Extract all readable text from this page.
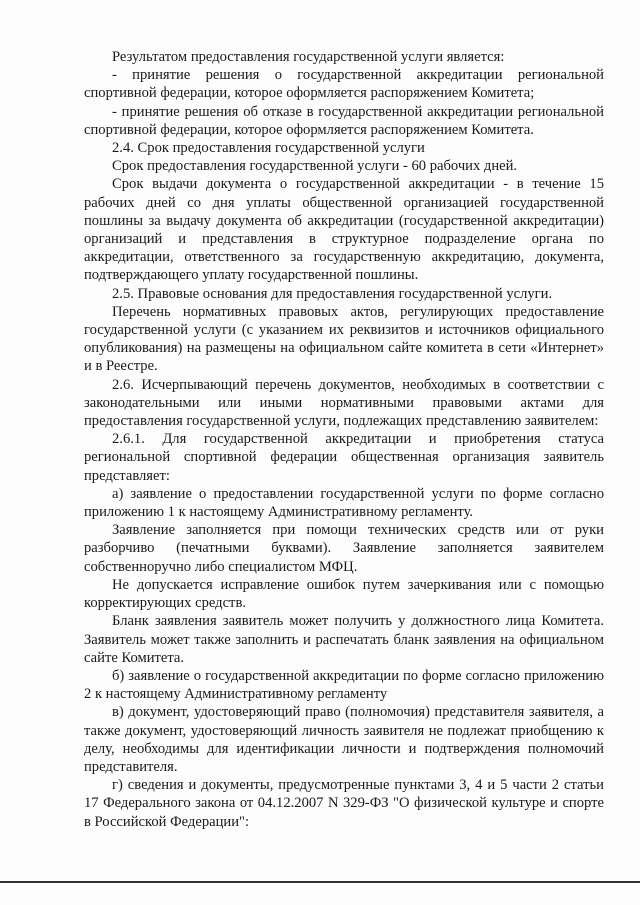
Результатом предоставления государственной услуги является:

- принятие решения о государственной аккредитации региональной спортивной федерации, которое оформляется распоряжением Комитета;

- принятие решения об отказе в государственной аккредитации региональной спортивной федерации, которое оформляется распоряжением Комитета.

2.4. Срок предоставления государственной услуги

Срок предоставления государственной услуги - 60 рабочих дней.

Срок выдачи документа о государственной аккредитации - в течение 15 рабочих дней со дня уплаты общественной организацией государственной пошлины за выдачу документа об аккредитации (государственной аккредитации) организаций и представления в структурное подразделение органа по аккредитации, ответственного за государственную аккредитацию, документа, подтверждающего уплату государственной пошлины.

2.5. Правовые основания для предоставления государственной услуги.

Перечень нормативных правовых актов, регулирующих предоставление государственной услуги (с указанием их реквизитов и источников официального опубликования) на размещены на официальном сайте комитета в сети «Интернет» и в Реестре.

2.6. Исчерпывающий перечень документов, необходимых в соответствии с законодательными или иными нормативными правовыми актами для предоставления государственной услуги, подлежащих представлению заявителем:

2.6.1. Для государственной аккредитации и приобретения статуса региональной спортивной федерации общественная организация заявитель представляет:

а) заявление о предоставлении государственной услуги по форме согласно приложению 1 к настоящему Административному регламенту.

Заявление заполняется при помощи технических средств или от руки разборчиво (печатными буквами). Заявление заполняется заявителем собственноручно либо специалистом МФЦ.

Не допускается исправление ошибок путем зачеркивания или с помощью корректирующих средств.

Бланк заявления заявитель может получить у должностного лица Комитета. Заявитель может также заполнить и распечатать бланк заявления на официальном сайте Комитета.

б) заявление о государственной аккредитации по форме согласно приложению 2 к настоящему Административному регламенту

в) документ, удостоверяющий право (полномочия) представителя заявителя, а также документ, удостоверяющий личность заявителя не подлежат приобщению к делу, необходимы для идентификации личности и подтверждения полномочий представителя.

г) сведения и документы, предусмотренные пунктами 3, 4 и 5 части 2 статьи 17 Федерального закона от 04.12.2007 N 329-ФЗ "О физической культуре и спорте в Российской Федерации":
